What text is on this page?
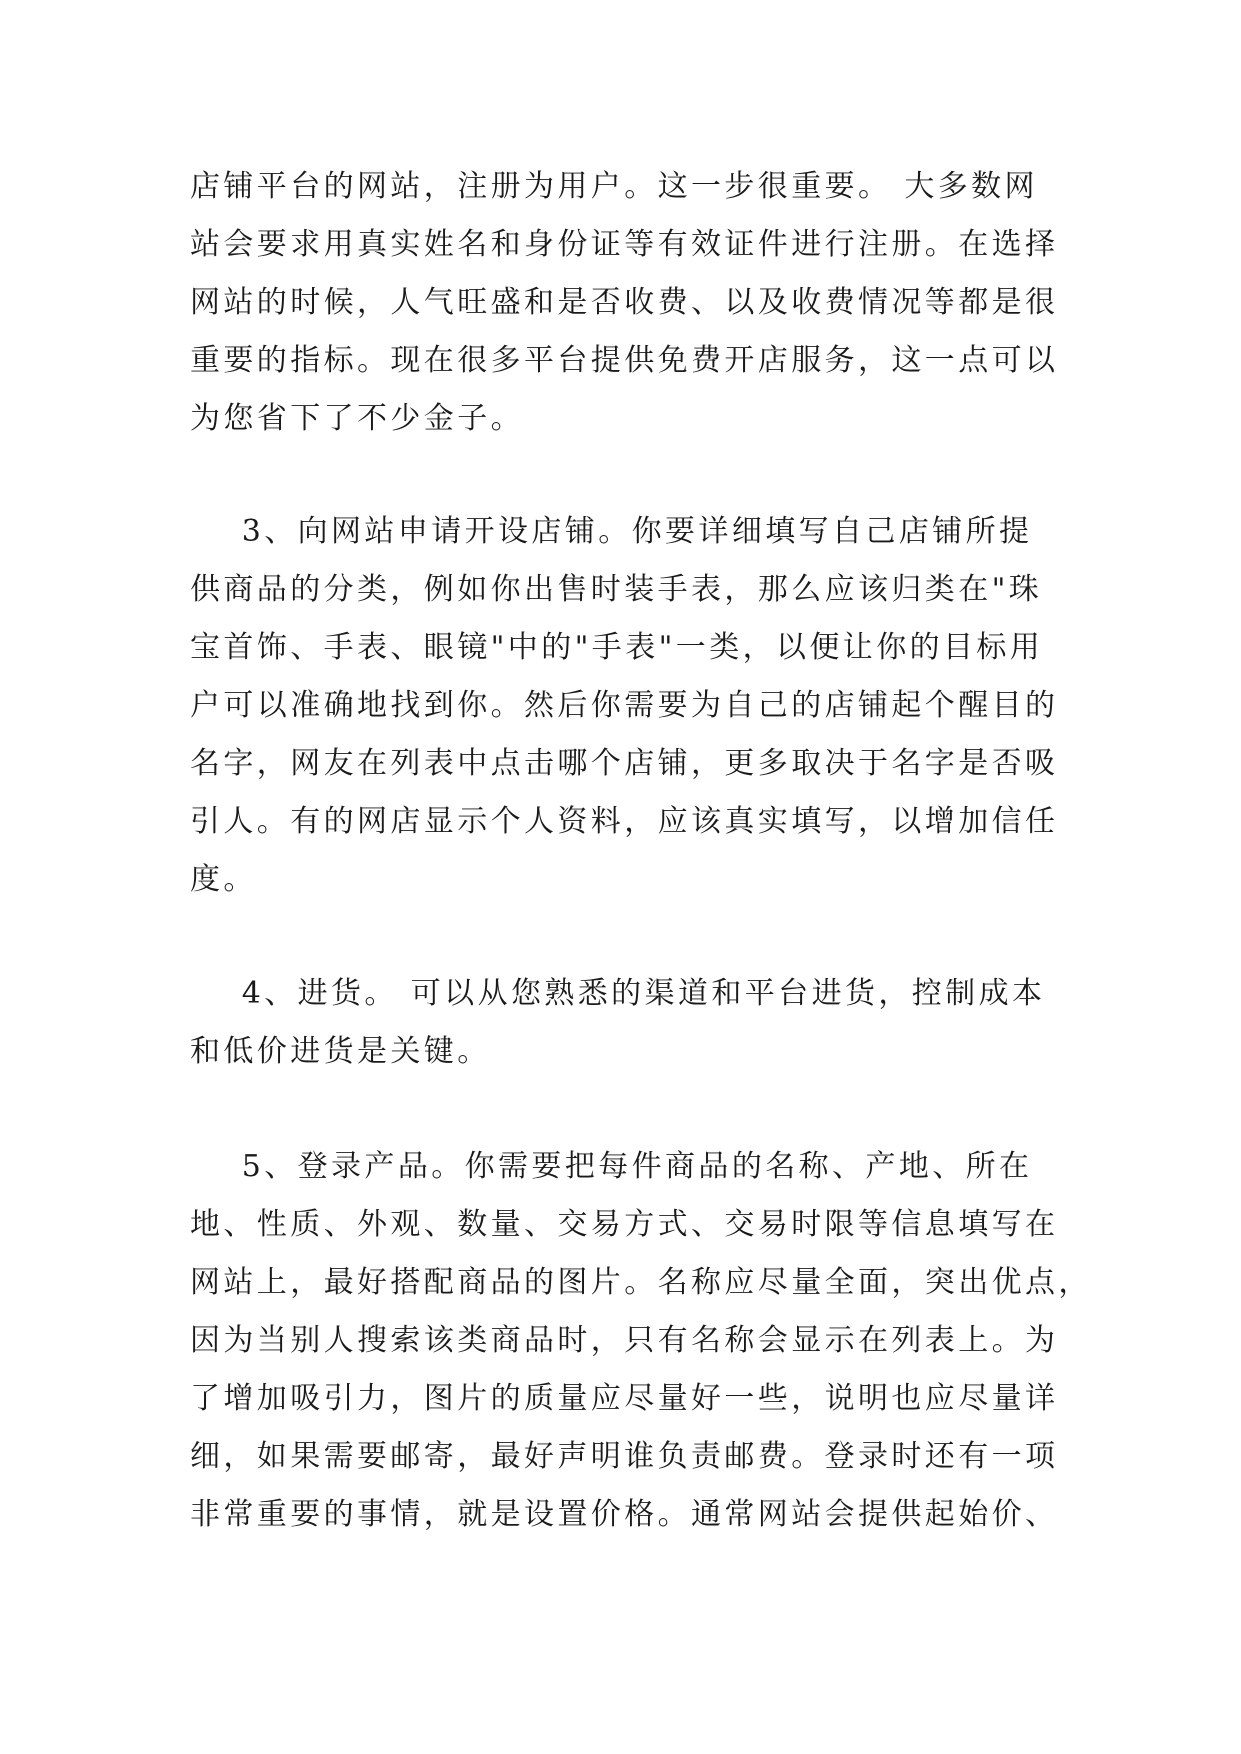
店铺平台的网站，注册为用户。这一步很重要。 大多数网
站会要求用真实姓名和身份证等有效证件进行注册。在选择
网站的时候，人气旺盛和是否收费、以及收费情况等都是很
重要的指标。现在很多平台提供免费开店服务，这一点可以
为您省下了不少金子。
3、向网站申请开设店铺。你要详细填写自己店铺所提
供商品的分类，例如你出售时装手表，那么应该归类在"珠
宝首饰、手表、眼镜"中的"手表"一类，以便让你的目标用
户可以准确地找到你。然后你需要为自己的店铺起个醒目的
名字，网友在列表中点击哪个店铺，更多取决于名字是否吸
引人。有的网店显示个人资料，应该真实填写，以增加信任
度。
4、进货。 可以从您熟悉的渠道和平台进货，控制成本
和低价进货是关键。
5、登录产品。你需要把每件商品的名称、产地、所在
地、性质、外观、数量、交易方式、交易时限等信息填写在
网站上，最好搭配商品的图片。名称应尽量全面，突出优点，
因为当别人搜索该类商品时，只有名称会显示在列表上。为
了增加吸引力，图片的质量应尽量好一些，说明也应尽量详
细，如果需要邮寄，最好声明谁负责邮费。登录时还有一项
非常重要的事情，就是设置价格。通常网站会提供起始价、
